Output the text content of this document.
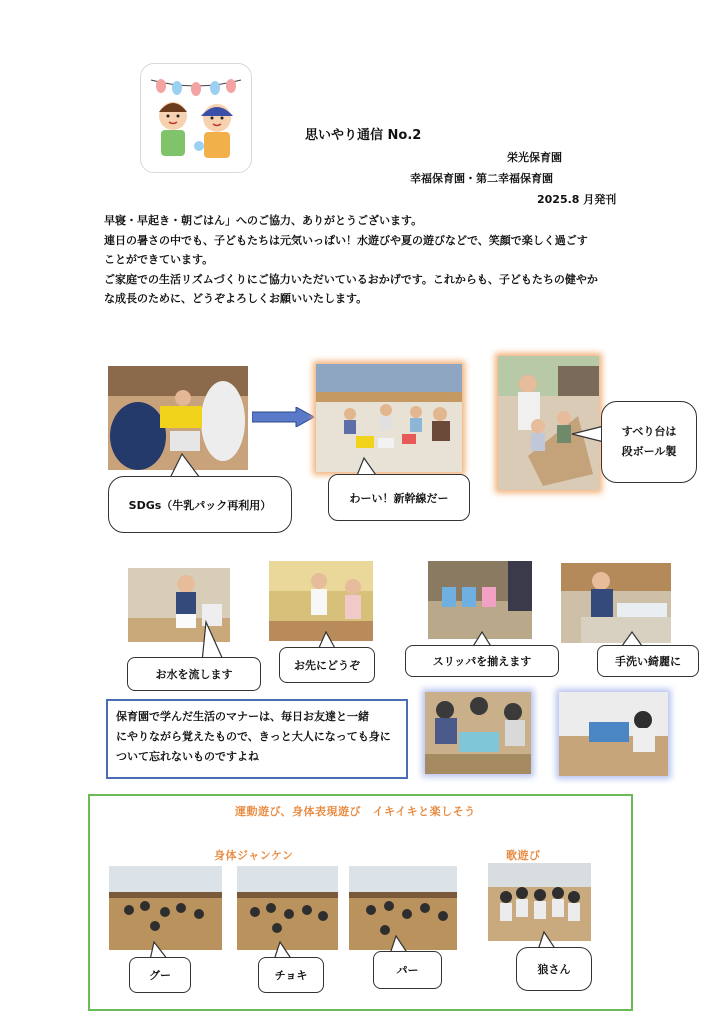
思いやり通信 No.2
栄光保育園
幸福保育園・第二幸福保育園
2025.8 月発刊

早寝・早起き・朝ごはん」へのご協力、ありがとうございます。

連日の暑さの中でも、子どもたちは元気いっぱい！水遊びや夏の遊びなどで、笑顔で楽しく過ごす

ことができています。

ご家庭での生活リズムづくりにご協力いただいているおかげです。これからも、子どもたちの健やか

な成長のために、どうぞよろしくお願いいたします。

SDGs（牛乳パック再利用）
わーい！新幹線だー
すべり台は
段ボール製
お水を流します
お先にどうぞ	スリッパを揃えます	手洗い綺麗に
保育園で学んだ生活のマナーは、毎日お友達と一緒
にやりながら覚えたもので、きっと大人になっても身に
ついて忘れないものですよね
運動遊び、身体表現遊び　イキイキと楽しそう
身体ジャンケン	歌遊び
グー	チョキ	パー	狼さん
